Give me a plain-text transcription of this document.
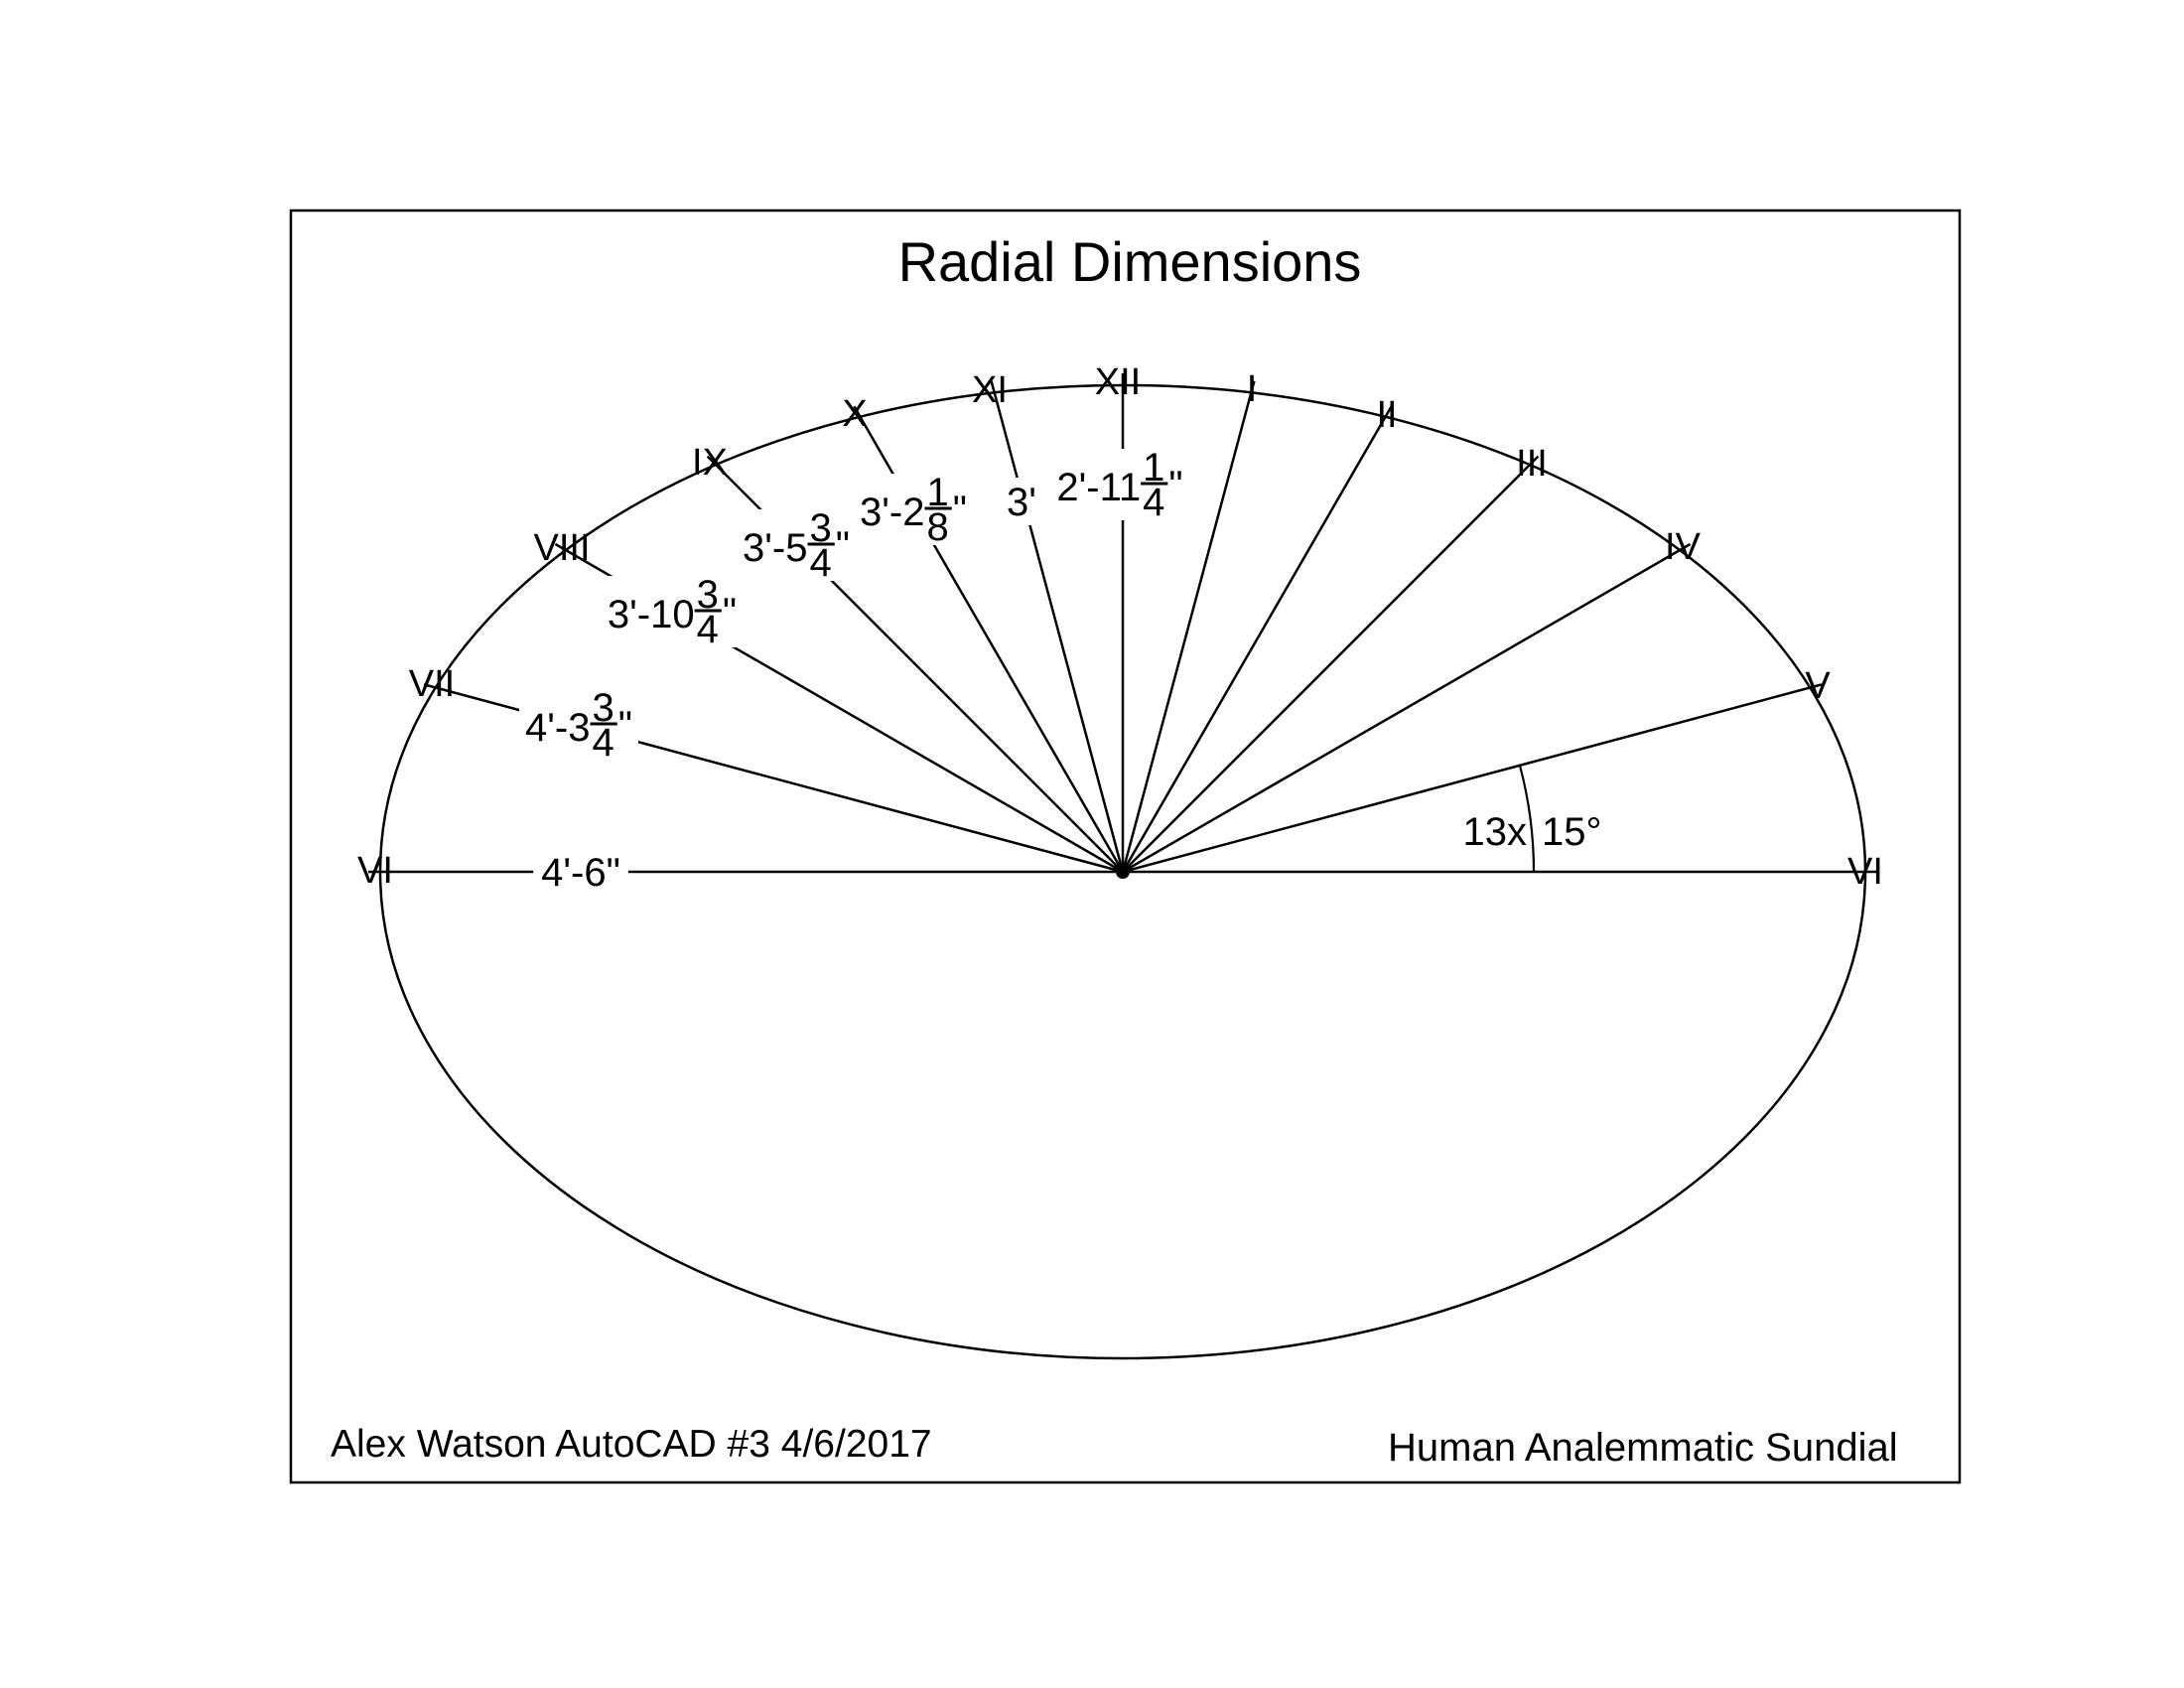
4'-6"
4'-3 3
4 "
3'-10 3
4 "
3'-5 3
4 "
3'-2 1
8 " 3' 2'-11 1
4 "
VI
VII
VIII
IX
X
XI XII	I
II
III
IV
V
VI
13x 15°
Radial Dimensions
Alex Watson AutoCAD #3 4/6/2017	Human Analemmatic Sundial
